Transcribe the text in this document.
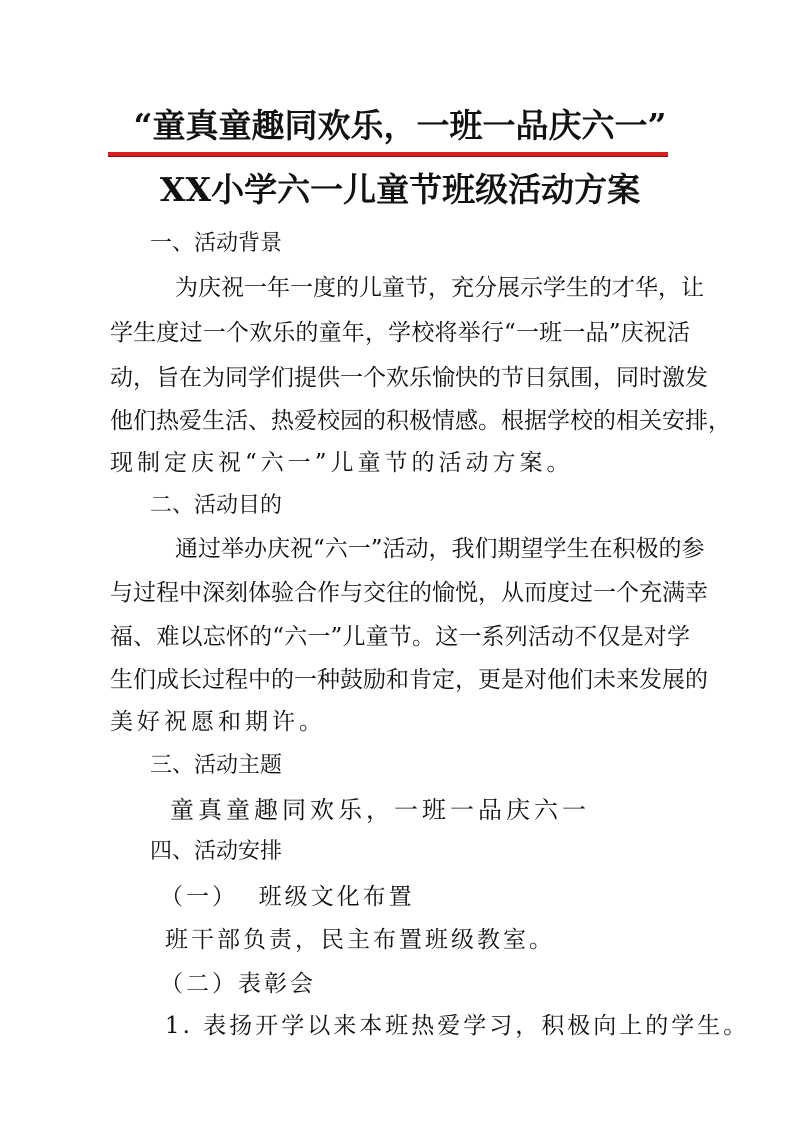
“童真童趣同欢乐，一班一品庆六一”
XX小学六一儿童节班级活动方案
一、活动背景
为庆祝一年一度的儿童节，充分展示学生的才华，让
学生度过一个欢乐的童年，学校将举行“一班一品”庆祝活
动，旨在为同学们提供一个欢乐愉快的节日氛围，同时激发
他们热爱生活、热爱校园的积极情感。根据学校的相关安排，
现制定庆祝“六一”儿童节的活动方案。
二、活动目的
通过举办庆祝“六一”活动，我们期望学生在积极的参
与过程中深刻体验合作与交往的愉悦，从而度过一个充满幸
福、难以忘怀的“六一”儿童节。这一系列活动不仅是对学
生们成长过程中的一种鼓励和肯定，更是对他们未来发展的
美好祝愿和期许。
三、活动主题
童真童趣同欢乐，一班一品庆六一
四、活动安排
（一）  班级文化布置
班干部负责，民主布置班级教室。
（二）表彰会
1. 表扬开学以来本班热爱学习，积极向上的学生。
